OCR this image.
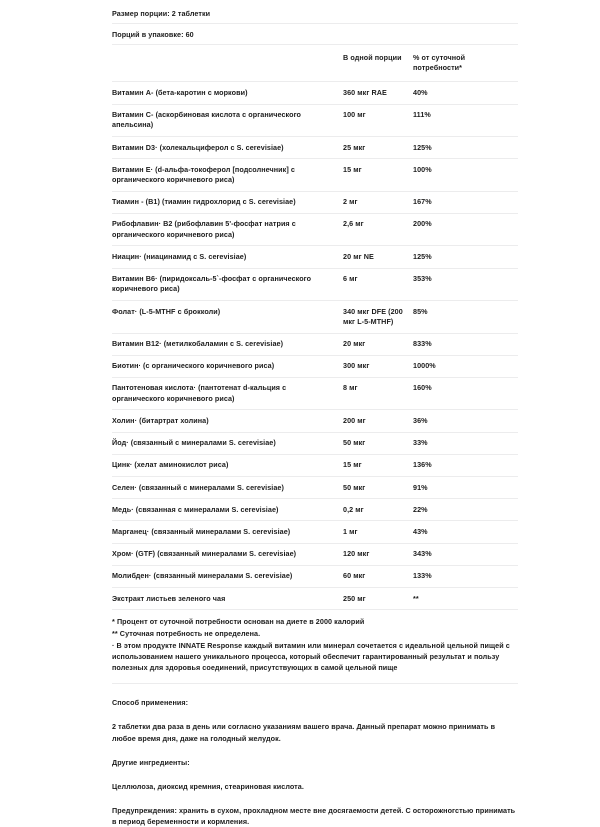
Размер порции: 2 таблетки
Порций в упаковке: 60
	В одной порции	% от суточной потребности*

Витамин А- (бета-каротин с моркови)	360 мкг RAE	40%

Витамин С- (аскорбиновая кислота с органического апельсина)	100 мг	111%

Витамин D3· (холекальциферол с S. cerevisiae)	25 мкг	125%

Витамин Е· (d-альфа-токоферол [подсолнечник] с органического коричневого риса)	15 мг	100%

Тиамин - (B1) (тиамин гидрохлорид с S. cerevisiae)	2 мг	167%

Рибофлавин· B2 (рибофлавин 5'-фосфат натрия с органического коричневого риса)	2,6 мг	200%

Ниацин· (ниацинамид с S. cerevisiae)	20 мг NE	125%

Витамин B6· (пиридоксаль-5`-фосфат с органического коричневого риса)	6 мг	353%

Фолат· (L-5-MTHF с брокколи)	340 мкг DFE (200 мкг L-5-MTHF)	85%

Витамин B12· (метилкобаламин с S. cerevisiae)	20 мкг	833%

Биотин· (с органического коричневого риса)	300 мкг	1000%

Пантотеновая кислота· (пантотенат d-кальция с органического коричневого риса)	8 мг	160%

Холин· (битартрат холина)	200 мг	36%

Йод· (связанный с минералами S. cerevisiae)	50 мкг	33%

Цинк· (хелат аминокислот риса)	15 мг	136%

Селен· (связанный с минералами S. cerevisiae)	50 мкг	91%

Медь· (связанная с минералами S. cerevisiae)	0,2 мг	22%

Марганец· (связанный минералами S. cerevisiae)	1 мг	43%

Хром· (GTF) (связанный минералами S. cerevisiae)	120 мкг	343%

Молибден· (связанный минералами S. cerevisiae)	60 мкг	133%

Экстракт листьев зеленого чая	250 мг	**

* Процент от суточной потребности основан на диете в 2000 калорий

** Суточная потребность не определена.

· В этом продукте INNATE Response каждый витамин или минерал сочетается с идеальной цельной пищей с использованием нашего уникального процесса, который обеспечит гарантированный результат и пользу полезных для здоровья соединений, присутствующих в самой цельной пище

Способ применения:

2 таблетки два раза в день или согласно указаниям вашего врача. Данный препарат можно принимать в любое время дня, даже на голодный желудок.

Другие ингредиенты:

Целлюлоза, диоксид кремния, стеариновая кислота.

Предупреждения: хранить в сухом, прохладном месте вне досягаемости детей. С осторожногстью принимать в период беременности и кормления.
